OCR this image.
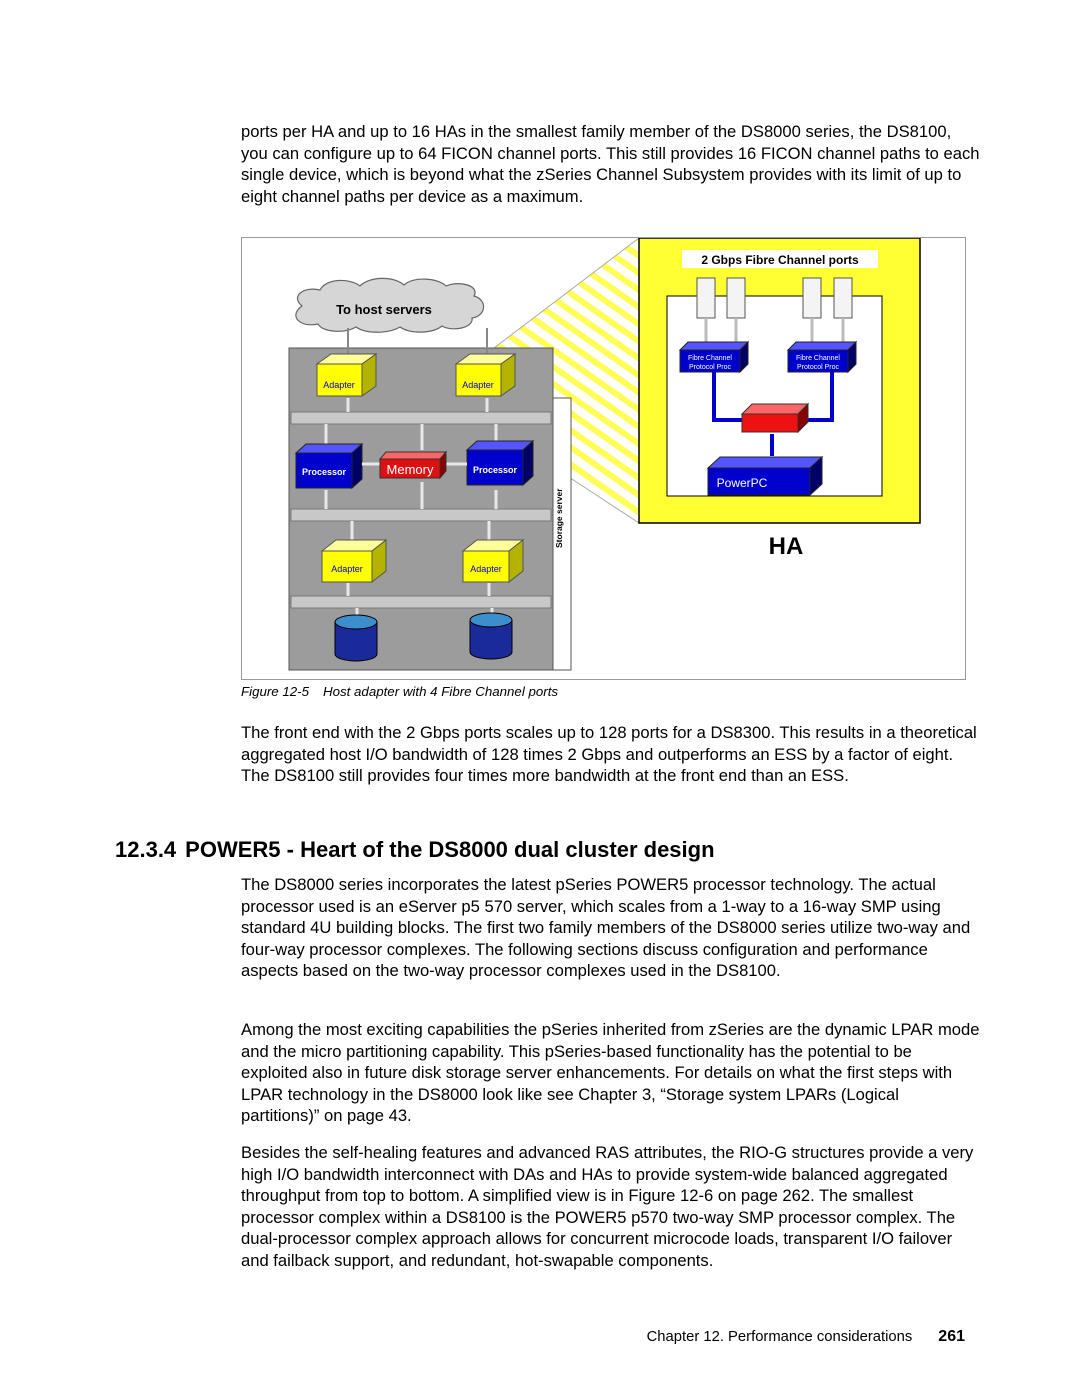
ports per HA and up to 16 HAs in the smallest family member of the DS8000 series, the DS8100, you can configure up to 64 FICON channel ports. This still provides 16 FICON channel paths to each single device, which is beyond what the zSeries Channel Subsystem provides with its limit of up to eight channel paths per device as a maximum.

Storage server
To host servers
Adapter	Adapter
Processor	Processor
Memory
Adapter	Adapter
2 Gbps Fibre Channel ports
Fibre Channel
Protocol Proc
Fibre Channel
Protocol Proc
PowerPC
HA

Figure 12-5 Host adapter with 4 Fibre Channel ports

The front end with the 2 Gbps ports scales up to 128 ports for a DS8300. This results in a theoretical aggregated host I/O bandwidth of 128 times 2 Gbps and outperforms an ESS by a factor of eight. The DS8100 still provides four times more bandwidth at the front end than an ESS.

12.3.4 POWER5 - Heart of the DS8000 dual cluster design

The DS8000 series incorporates the latest pSeries POWER5 processor technology. The actual processor used is an eServer p5 570 server, which scales from a 1-way to a 16-way SMP using standard 4U building blocks. The first two family members of the DS8000 series utilize two-way and four-way processor complexes. The following sections discuss configuration and performance aspects based on the two-way processor complexes used in the DS8100.

Among the most exciting capabilities the pSeries inherited from zSeries are the dynamic LPAR mode and the micro partitioning capability. This pSeries-based functionality has the potential to be exploited also in future disk storage server enhancements. For details on what the first steps with LPAR technology in the DS8000 look like see Chapter 3, “Storage system LPARs (Logical partitions)” on page 43.

Besides the self-healing features and advanced RAS attributes, the RIO-G structures provide a very high I/O bandwidth interconnect with DAs and HAs to provide system-wide balanced aggregated throughput from top to bottom. A simplified view is in Figure 12-6 on page 262. The smallest processor complex within a DS8100 is the POWER5 p570 two-way SMP processor complex. The dual-processor complex approach allows for concurrent microcode loads, transparent I/O failover and failback support, and redundant, hot-swapable components.

Chapter 12. Performance considerations 261
